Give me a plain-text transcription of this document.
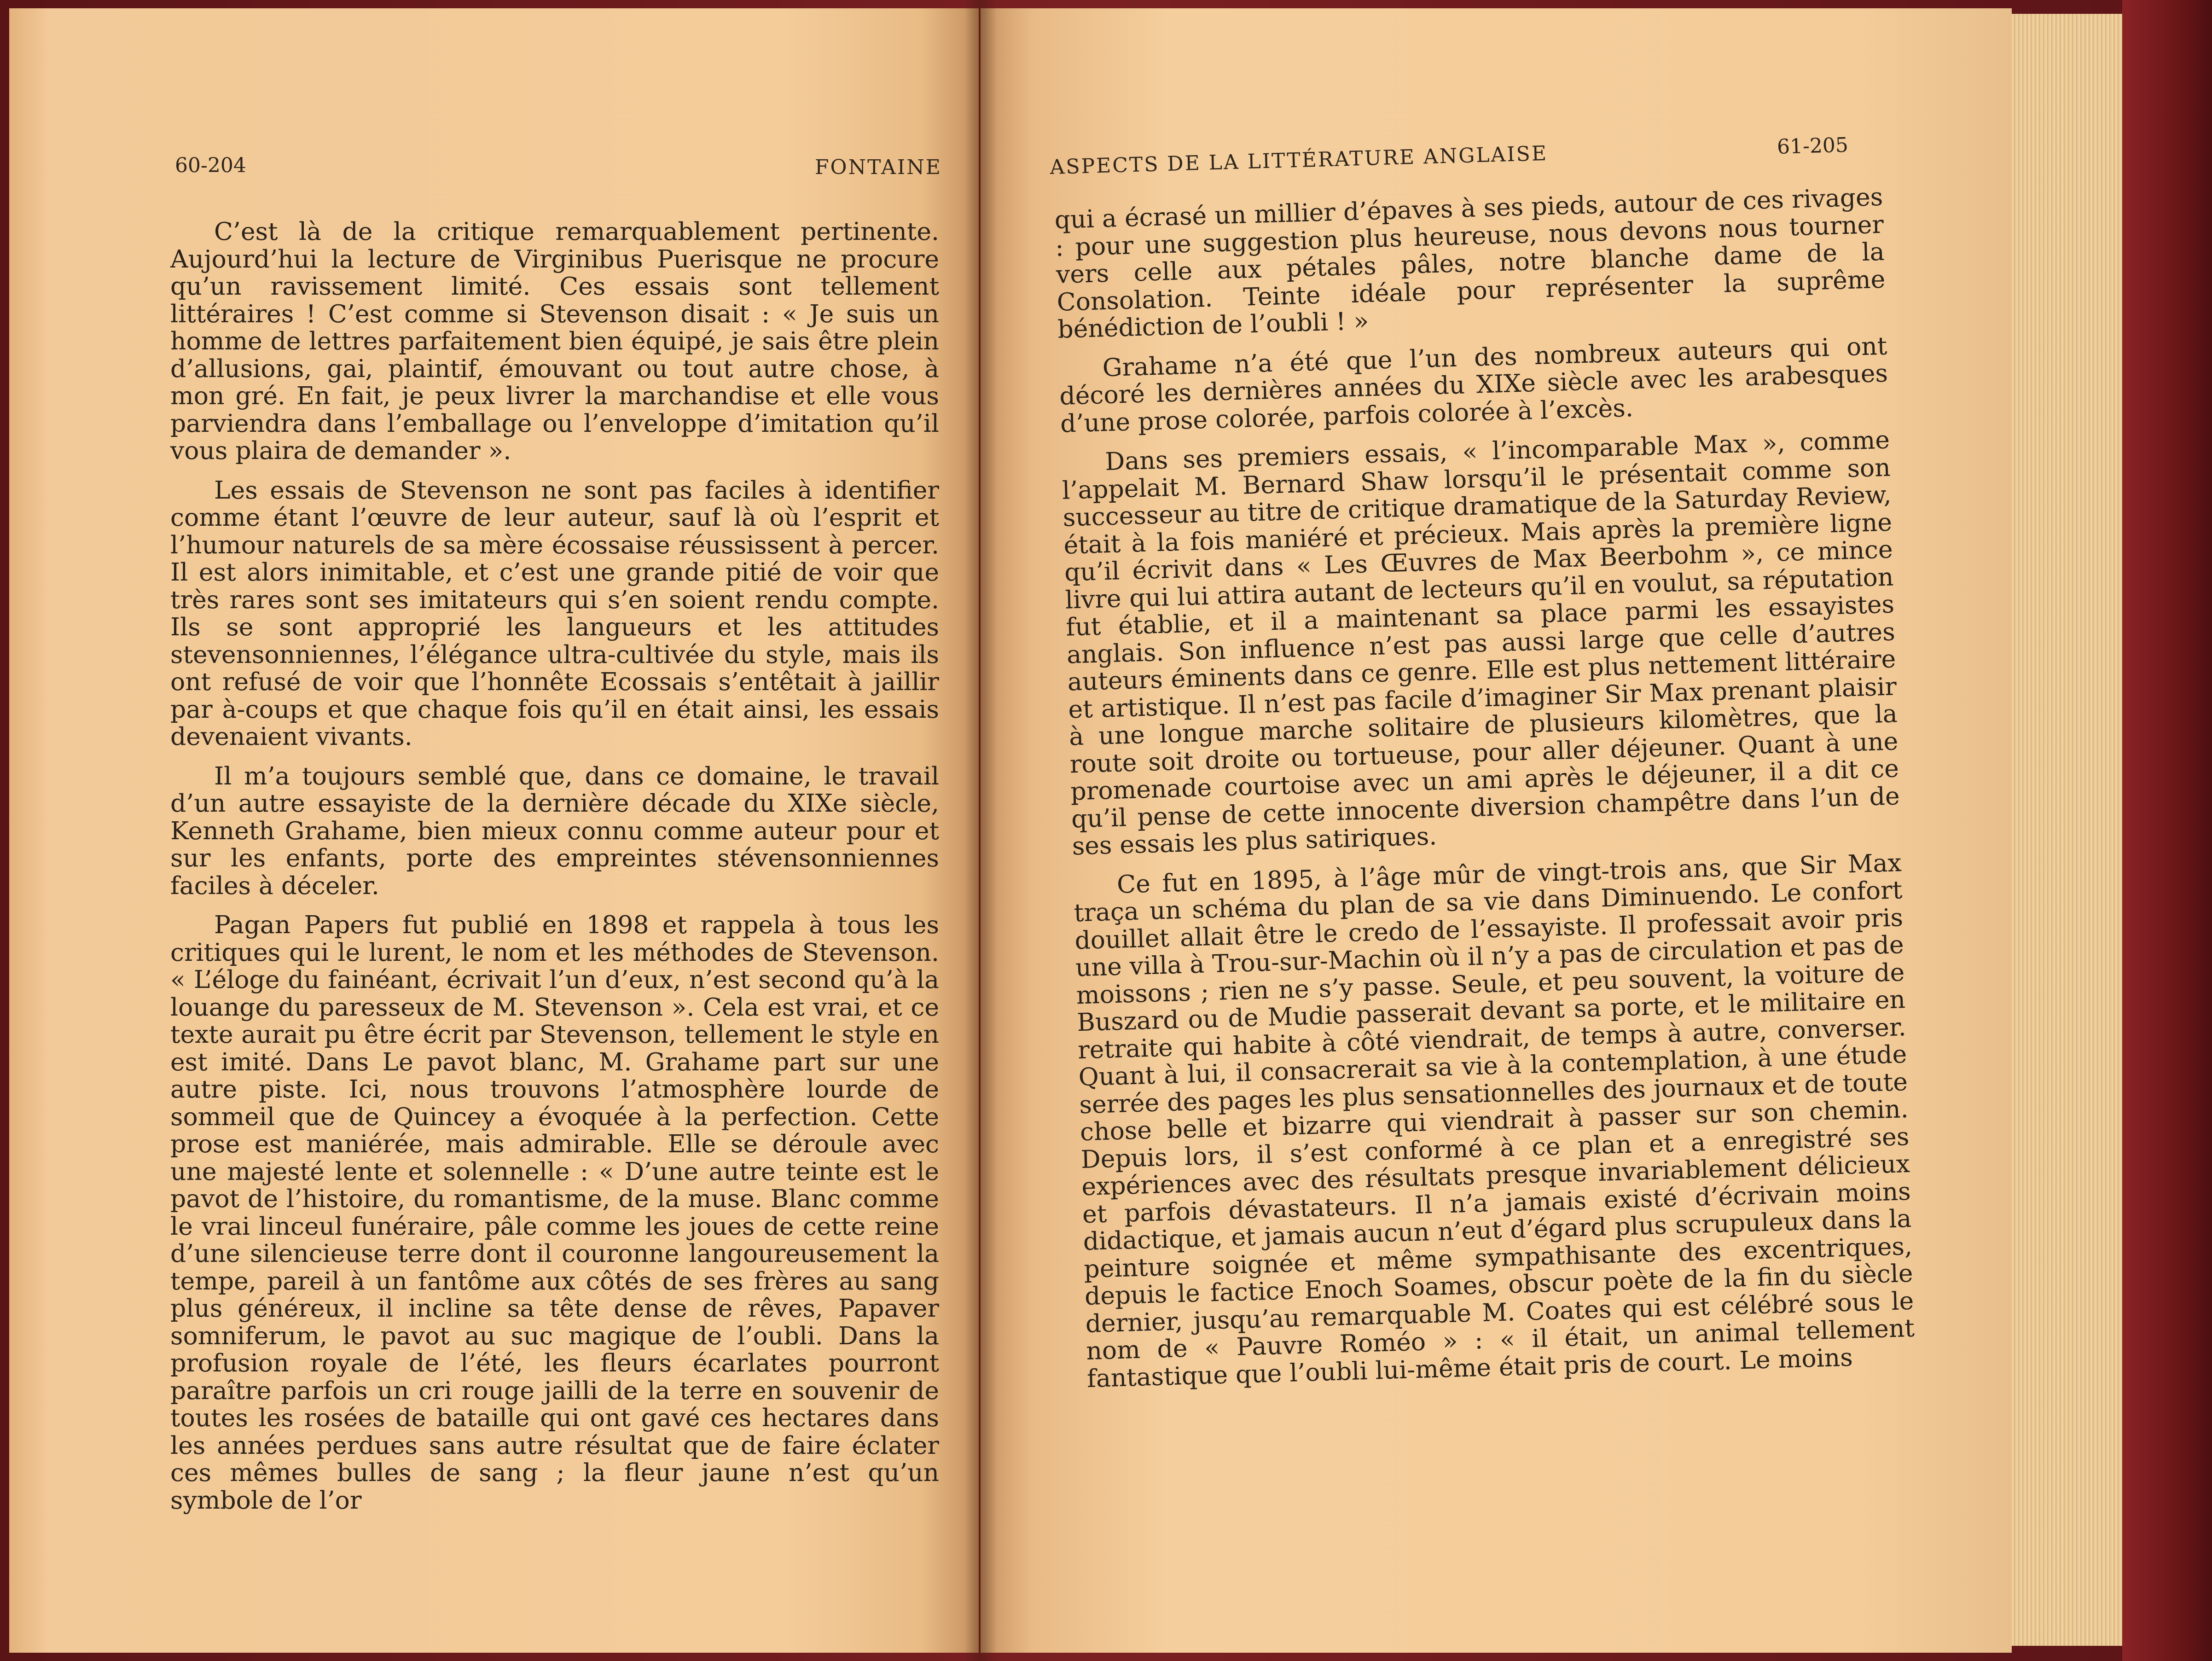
60-204	FONTAINE

C’est là de la critique remarquablement pertinente. Aujourd’hui la lecture de Virginibus Puerisque ne procure qu’un ravissement limité. Ces essais sont tellement littéraires ! C’est comme si Stevenson disait : « Je suis un homme de lettres parfaitement bien équipé, je sais être plein d’allusions, gai, plaintif, émouvant ou tout autre chose, à mon gré. En fait, je peux livrer la marchandise et elle vous parviendra dans l’emballage ou l’enveloppe d’imitation qu’il vous plaira de demander ».

Les essais de Stevenson ne sont pas faciles à identifier comme étant l’œuvre de leur auteur, sauf là où l’esprit et l’humour naturels de sa mère écossaise réussissent à percer. Il est alors inimitable, et c’est une grande pitié de voir que très rares sont ses imitateurs qui s’en soient rendu compte. Ils se sont approprié les langueurs et les attitudes stevensonniennes, l’élégance ultra-cultivée du style, mais ils ont refusé de voir que l’honnête Ecossais s’entêtait à jaillir par à-coups et que chaque fois qu’il en était ainsi, les essais devenaient vivants.

Il m’a toujours semblé que, dans ce domaine, le travail d’un autre essayiste de la dernière décade du XIXe siècle, Kenneth Grahame, bien mieux connu comme auteur pour et sur les enfants, porte des empreintes stévensonniennes faciles à déceler.

Pagan Papers fut publié en 1898 et rappela à tous les critiques qui le lurent, le nom et les méthodes de Stevenson. « L’éloge du fainéant, écrivait l’un d’eux, n’est second qu’à la louange du paresseux de M. Stevenson ». Cela est vrai, et ce texte aurait pu être écrit par Stevenson, tellement le style en est imité. Dans Le pavot blanc, M. Grahame part sur une autre piste. Ici, nous trouvons l’atmosphère lourde de sommeil que de Quincey a évoquée à la perfection. Cette prose est maniérée, mais admirable. Elle se déroule avec une majesté lente et solennelle : « D’une autre teinte est le pavot de l’histoire, du romantisme, de la muse. Blanc comme le vrai linceul funéraire, pâle comme les joues de cette reine d’une silencieuse terre dont il couronne langoureusement la tempe, pareil à un fantôme aux côtés de ses frères au sang plus généreux, il incline sa tête dense de rêves, Papaver somniferum, le pavot au suc magique de l’oubli. Dans la profusion royale de l’été, les fleurs écarlates pourront paraître parfois un cri rouge jailli de la terre en souvenir de toutes les rosées de bataille qui ont gavé ces hectares dans les années perdues sans autre résultat que de faire éclater ces mêmes bulles de sang ; la fleur jaune n’est qu’un symbole de l’or

ASPECTS DE LA LITTÉRATURE ANGLAISE	61-205

qui a écrasé un millier d’épaves à ses pieds, autour de ces rivages : pour une suggestion plus heureuse, nous devons nous tourner vers celle aux pétales pâles, notre blanche dame de la Consolation. Teinte idéale pour représenter la suprême bénédiction de l’oubli ! »

Grahame n’a été que l’un des nombreux auteurs qui ont décoré les dernières années du XIXe siècle avec les arabesques d’une prose colorée, parfois colorée à l’excès.

Dans ses premiers essais, « l’incomparable Max », comme l’appelait M. Bernard Shaw lorsqu’il le présentait comme son successeur au titre de critique dramatique de la Saturday Review, était à la fois maniéré et précieux. Mais après la première ligne qu’il écrivit dans « Les Œuvres de Max Beerbohm », ce mince livre qui lui attira autant de lecteurs qu’il en voulut, sa réputation fut établie, et il a maintenant sa place parmi les essayistes anglais. Son influence n’est pas aussi large que celle d’autres auteurs éminents dans ce genre. Elle est plus nettement littéraire et artistique. Il n’est pas facile d’imaginer Sir Max prenant plaisir à une longue marche solitaire de plusieurs kilomètres, que la route soit droite ou tortueuse, pour aller déjeuner. Quant à une promenade courtoise avec un ami après le déjeuner, il a dit ce qu’il pense de cette innocente diversion champêtre dans l’un de ses essais les plus satiriques.

Ce fut en 1895, à l’âge mûr de vingt-trois ans, que Sir Max traça un schéma du plan de sa vie dans Diminuendo. Le confort douillet allait être le credo de l’essayiste. Il professait avoir pris une villa à Trou-sur-Machin où il n’y a pas de circulation et pas de moissons ; rien ne s’y passe. Seule, et peu souvent, la voiture de Buszard ou de Mudie passerait devant sa porte, et le militaire en retraite qui habite à côté viendrait, de temps à autre, converser. Quant à lui, il consacrerait sa vie à la contemplation, à une étude serrée des pages les plus sensationnelles des journaux et de toute chose belle et bizarre qui viendrait à passer sur son chemin. Depuis lors, il s’est conformé à ce plan et a enregistré ses expériences avec des résultats presque invariablement délicieux et parfois dévastateurs. Il n’a jamais existé d’écrivain moins didactique, et jamais aucun n’eut d’égard plus scrupuleux dans la peinture soignée et même sympathisante des excentriques, depuis le factice Enoch Soames, obscur poète de la fin du siècle dernier, jusqu’au remarquable M. Coates qui est célébré sous le nom de « Pauvre Roméo » : « il était, un animal tellement fantastique que l’oubli lui-même était pris de court. Le moins
